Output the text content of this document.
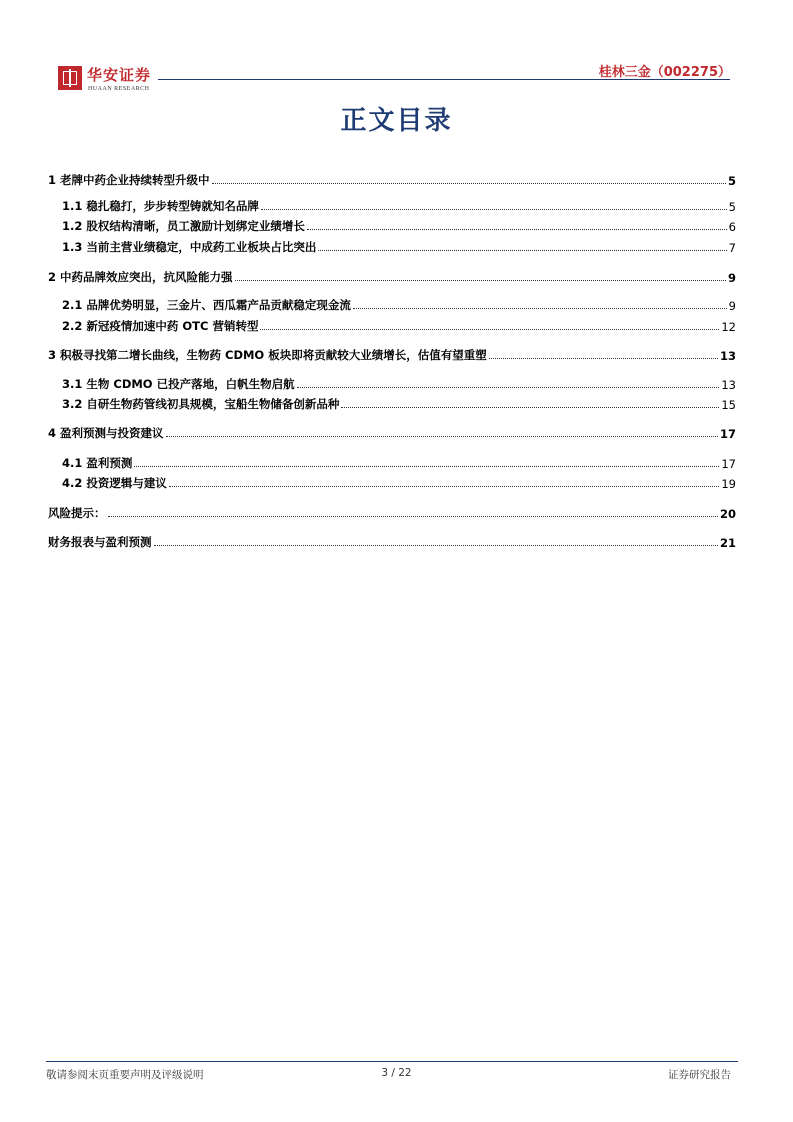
华安证券
HUAAN RESEARCH
桂林三金（002275）
正文目录
1 老牌中药企业持续转型升级中	5
1.1 稳扎稳打，步步转型铸就知名品牌	5
1.2 股权结构清晰，员工激励计划绑定业绩增长	6
1.3 当前主营业绩稳定，中成药工业板块占比突出	7
2 中药品牌效应突出，抗风险能力强	9
2.1 品牌优势明显，三金片、西瓜霜产品贡献稳定现金流	9
2.2 新冠疫情加速中药 OTC 营销转型	12
3 积极寻找第二增长曲线，生物药 CDMO 板块即将贡献较大业绩增长，估值有望重塑	13
3.1 生物 CDMO 已投产落地，白帆生物启航	13
3.2 自研生物药管线初具规模，宝船生物储备创新品种	15
4 盈利预测与投资建议	17
4.1 盈利预测	17
4.2 投资逻辑与建议	19
风险提示：	20
财务报表与盈利预测	21
敬请参阅末页重要声明及评级说明	3 / 22	证券研究报告
